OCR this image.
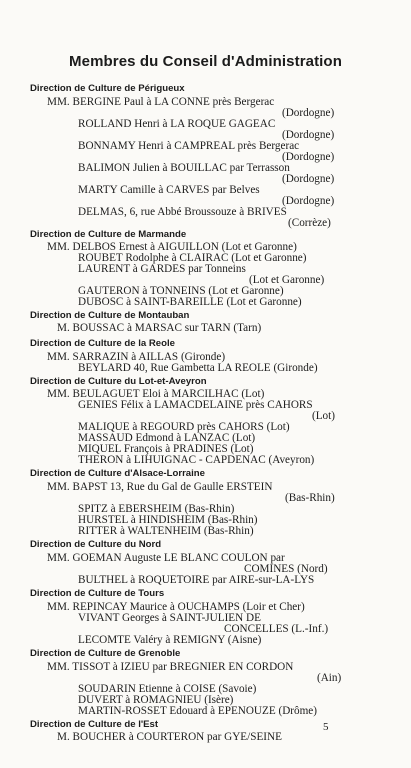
Membres du Conseil d'Administration
Direction de Culture de Périgueux
MM. BERGINE Paul à LA CONNE près Bergerac
(Dordogne)
ROLLAND Henri à LA ROQUE GAGEAC
(Dordogne)
BONNAMY Henri à CAMPREAL près Bergerac
(Dordogne)
BALIMON Julien à BOUILLAC par Terrasson
(Dordogne)
MARTY Camille à CARVES par Belves
(Dordogne)
DELMAS, 6, rue Abbé Broussouze à BRIVES
(Corrèze)
Direction de Culture de Marmande
MM. DELBOS Ernest à AIGUILLON (Lot et Garonne)
ROUBET Rodolphe à CLAIRAC (Lot et Garonne)
LAURENT à GARDES par Tonneins
(Lot et Garonne)
GAUTERON à TONNEINS (Lot et Garonne)
DUBOSC à SAINT-BAREILLE (Lot et Garonne)
Direction de Culture de Montauban
M. BOUSSAC à MARSAC sur TARN (Tarn)
Direction de Culture de la Reole
MM. SARRAZIN à AILLAS (Gironde)
BEYLARD 40, Rue Gambetta LA REOLE (Gironde)
Direction de Culture du Lot-et-Aveyron
MM. BEULAGUET Eloi à MARCILHAC (Lot)
GENIES Félix à LAMACDELAINE près CAHORS
(Lot)
MALIQUE à REGOURD près CAHORS (Lot)
MASSAUD Edmond à LANZAC (Lot)
MIQUEL François à PRADINES (Lot)
THERON à LIHUIGNAC - CAPDENAC (Aveyron)
Direction de Culture d'Alsace-Lorraine
MM. BAPST 13, Rue du Gal de Gaulle ERSTEIN
(Bas-Rhin)
SPITZ à EBERSHEIM (Bas-Rhin)
HURSTEL à HINDISHEIM (Bas-Rhin)
RITTER à WALTENHEIM (Bas-Rhin)
Direction de Culture du Nord
MM. GOEMAN Auguste LE BLANC COULON par
COMINES (Nord)
BULTHEL à ROQUETOIRE par AIRE-sur-LA-LYS
Direction de Culture de Tours
MM. REPINCAY Maurice à OUCHAMPS (Loir et Cher)
VIVANT Georges à SAINT-JULIEN DE
CONCELLES (L.-Inf.)
LECOMTE Valéry à REMIGNY (Aisne)
Direction de Culture de Grenoble
MM. TISSOT à IZIEU par BREGNIER EN CORDON
(Ain)
SOUDARIN Etienne à COISE (Savoie)
DUVERT à ROMAGNIEU (Isère)
MARTIN-ROSSET Edouard à EPENOUZE (Drôme)
Direction de Culture de l'Est
M. BOUCHER à COURTERON par GYE/SEINE
5
